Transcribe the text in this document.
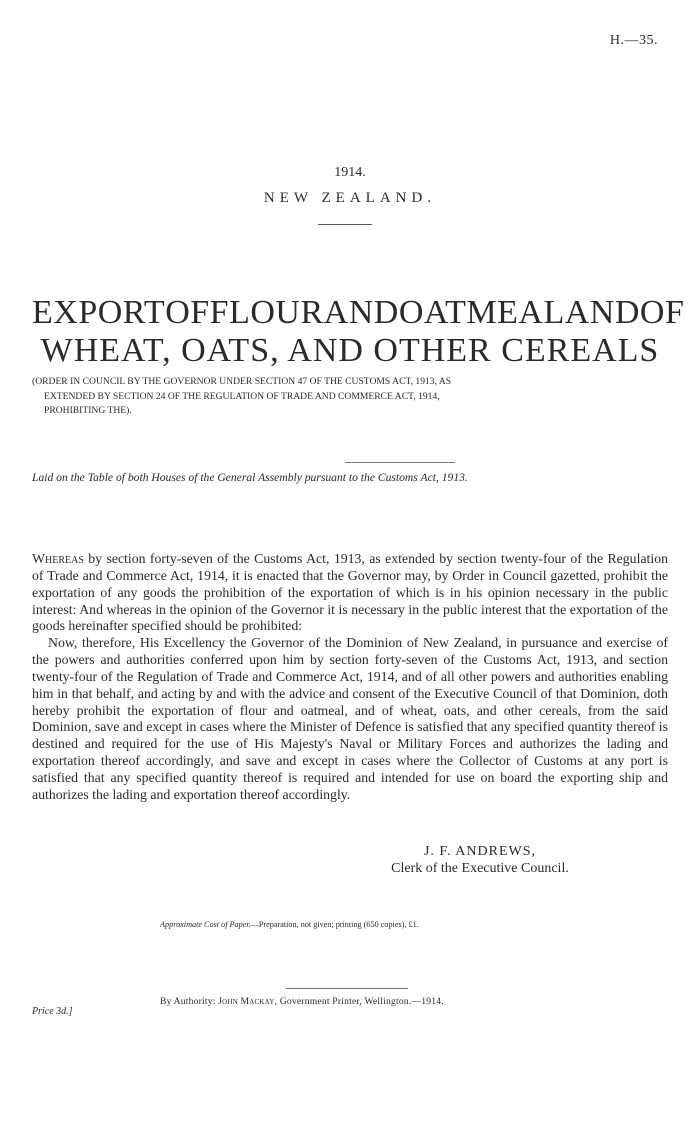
H.—35.
1914.
NEW ZEALAND.
EXPORT OF FLOUR AND OATMEAL AND OF
WHEAT, OATS, AND OTHER CEREALS
(ORDER IN COUNCIL BY THE GOVERNOR UNDER SECTION 47 OF THE CUSTOMS ACT, 1913, AS
EXTENDED BY SECTION 24 OF THE REGULATION OF TRADE AND COMMERCE ACT, 1914,
PROHIBITING THE).
Laid on the Table of both Houses of the General Assembly pursuant to the Customs Act, 1913.

Whereas by section forty-seven of the Customs Act, 1913, as extended by section twenty-four of the Regulation of Trade and Commerce Act, 1914, it is enacted that the Governor may, by Order in Council gazetted, prohibit the exportation of any goods the prohibition of the exportation of which is in his opinion necessary in the public interest: And whereas in the opinion of the Governor it is necessary in the public interest that the exportation of the goods hereinafter specified should be prohibited:

Now, therefore, His Excellency the Governor of the Dominion of New Zealand, in pursuance and exercise of the powers and authorities conferred upon him by section forty-seven of the Customs Act, 1913, and section twenty-four of the Regulation of Trade and Commerce Act, 1914, and of all other powers and authorities enabling him in that behalf, and acting by and with the advice and consent of the Executive Council of that Dominion, doth hereby prohibit the exportation of flour and oatmeal, and of wheat, oats, and other cereals, from the said Dominion, save and except in cases where the Minister of Defence is satisfied that any specified quantity thereof is destined and required for the use of His Majesty's Naval or Military Forces and authorizes the lading and exportation thereof accordingly, and save and except in cases where the Collector of Customs at any port is satisfied that any specified quantity thereof is required and intended for use on board the exporting ship and authorizes the lading and exportation thereof accordingly.

J. F. ANDREWS,
Clerk of the Executive Council.
Approximate Cost of Paper.—Preparation, not given; printing (650 copies), £1.
By Authority: John Mackay, Government Printer, Wellington.—1914.
Price 3d.]
